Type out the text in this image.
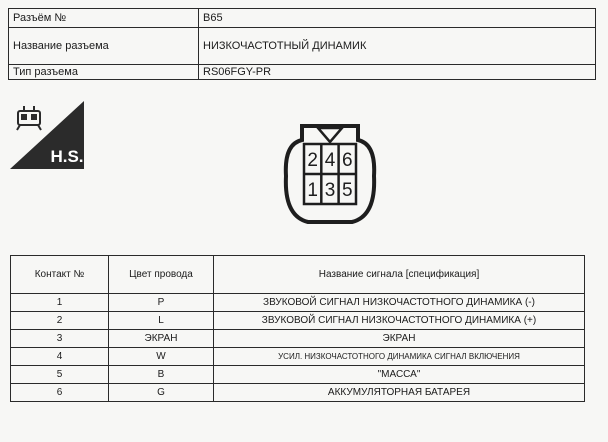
Разъём №	B65
Название разъема	НИЗКОЧАСТОТНЫЙ ДИНАМИК
Тип разъема	RS06FGY-PR
H.S.	2 4 6
1 3 5
Контакт №	Цвет провода	Название сигнала [спецификация]
1	P	ЗВУКОВОЙ СИГНАЛ НИЗКОЧАСТОТНОГО ДИНАМИКА (-)
2	L	ЗВУКОВОЙ СИГНАЛ НИЗКОЧАСТОТНОГО ДИНАМИКА (+)
3	ЭКРАН	ЭКРАН
4	W	УСИЛ. НИЗКОЧАСТОТНОГО ДИНАМИКА СИГНАЛ ВКЛЮЧЕНИЯ
5	B	"МАССА"
6	G	АККУМУЛЯТОРНАЯ БАТАРЕЯ
